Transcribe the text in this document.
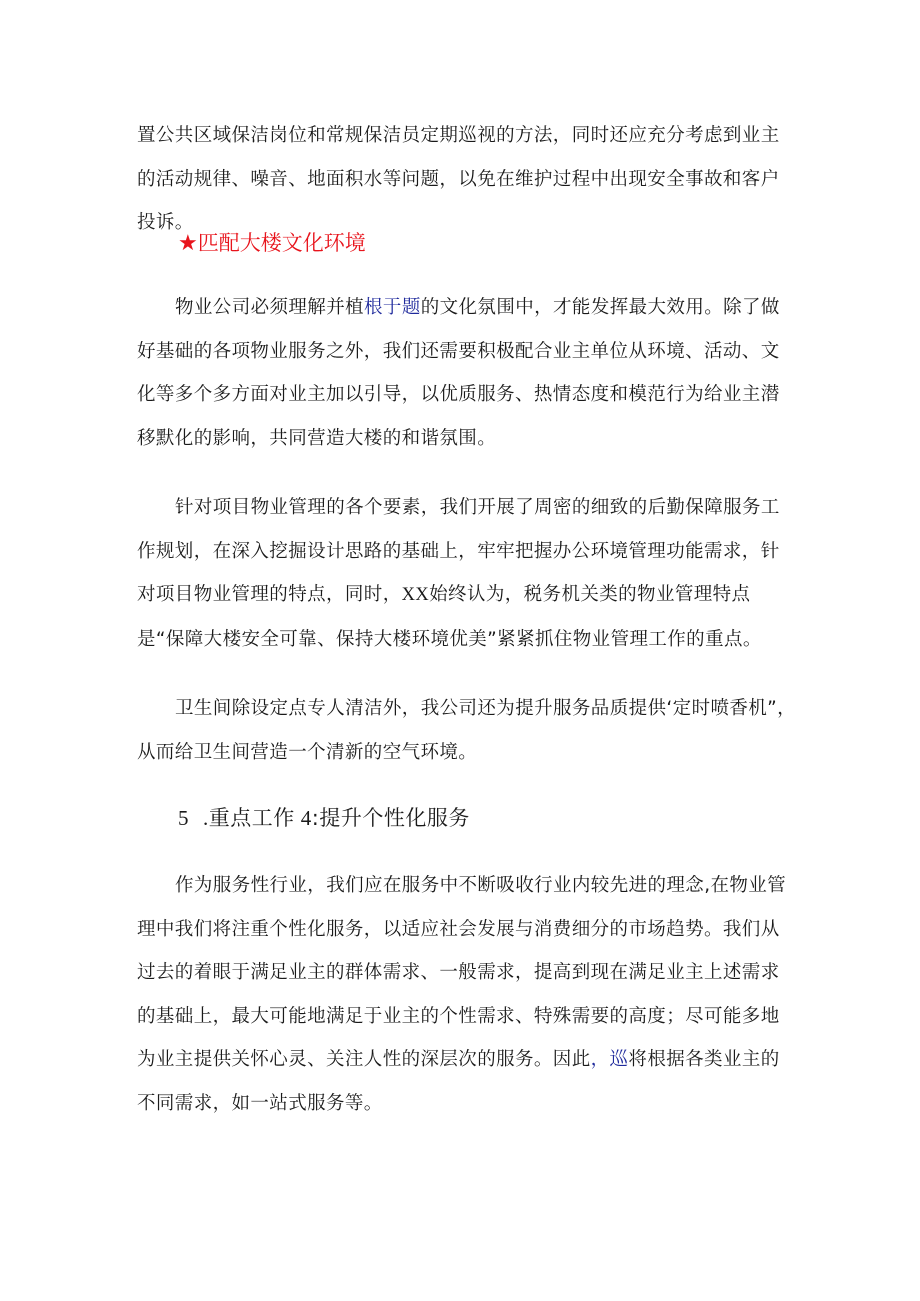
置公共区域保洁岗位和常规保洁员定期巡视的方法，同时还应充分考虑到业主的活动规律、噪音、地面积水等问题，以免在维护过程中出现安全事故和客户投诉。

★匹配大楼文化环境

物业公司必须理解并植根于题的文化氛围中，才能发挥最大效用。除了做好基础的各项物业服务之外，我们还需要积极配合业主单位从环境、活动、文化等多个多方面对业主加以引导，以优质服务、热情态度和模范行为给业主潜移默化的影响，共同营造大楼的和谐氛围。

针对项目物业管理的各个要素，我们开展了周密的细致的后勤保障服务工作规划，在深入挖掘设计思路的基础上，牢牢把握办公环境管理功能需求，针对项目物业管理的特点，同时，XX始终认为，税务机关类的物业管理特点是“保障大楼安全可靠、保持大楼环境优美”紧紧抓住物业管理工作的重点。

卫生间除设定点专人清洁外，我公司还为提升服务品质提供‘定时喷香机”，从而给卫生间营造一个清新的空气环境。

5 .重点工作 4:提升个性化服务

作为服务性行业，我们应在服务中不断吸收行业内较先进的理念,在物业管理中我们将注重个性化服务，以适应社会发展与消费细分的市场趋势。我们从过去的着眼于满足业主的群体需求、一般需求，提高到现在满足业主上述需求的基础上，最大可能地满足于业主的个性需求、特殊需要的高度；尽可能多地为业主提供关怀心灵、关注人性的深层次的服务。因此，巡将根据各类业主的不同需求，如一站式服务等。
